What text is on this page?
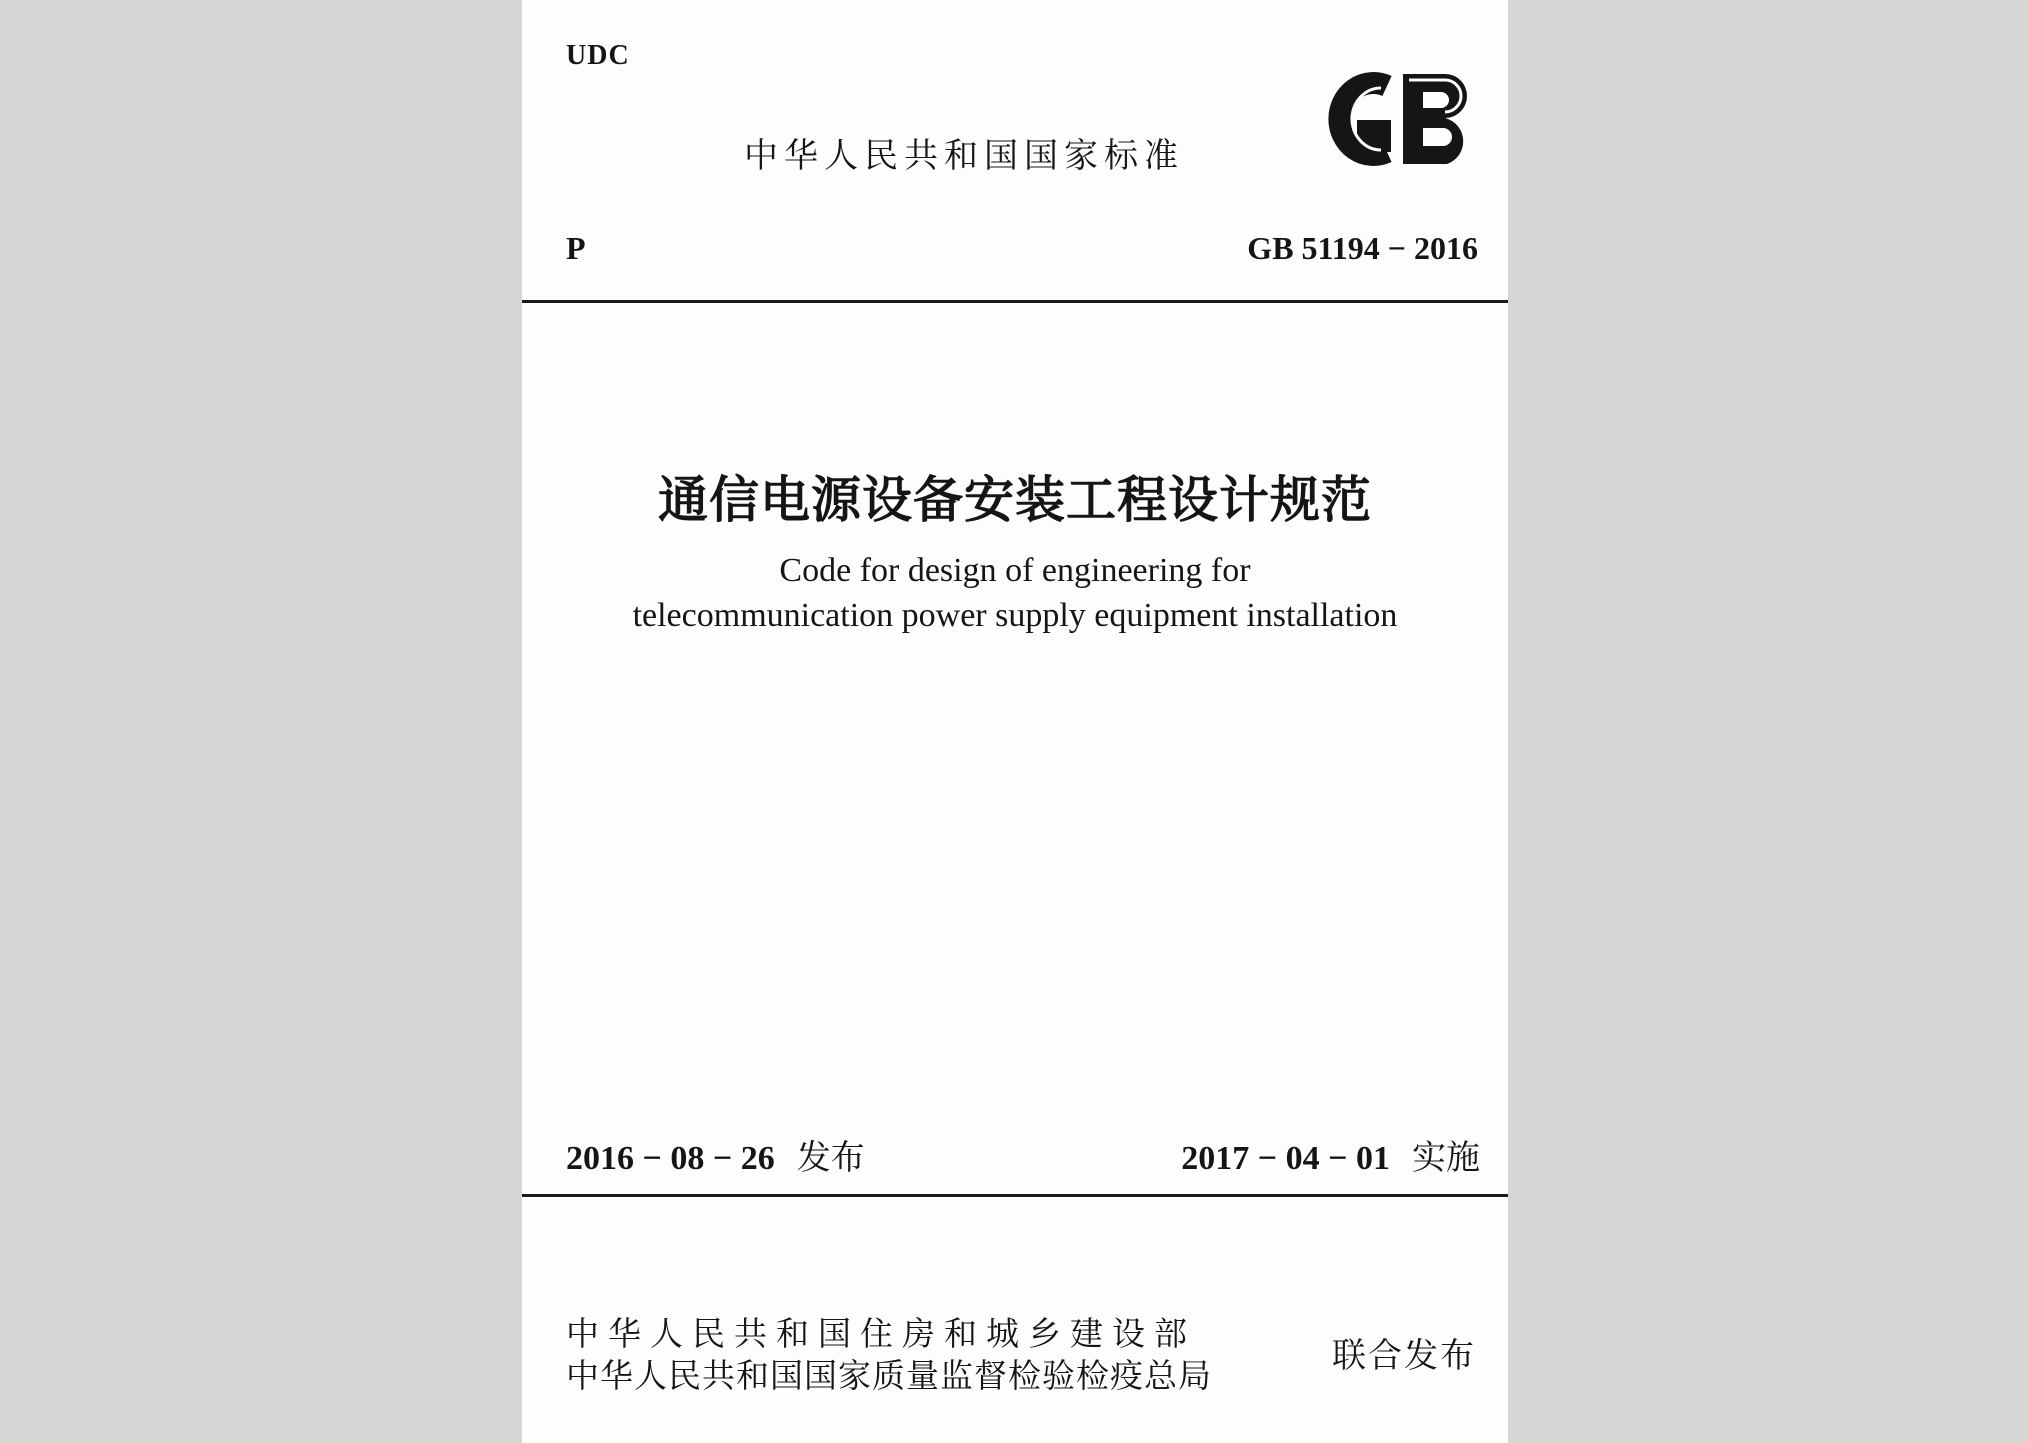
UDC
中华人民共和国国家标准
P	GB 51194 − 2016
通信电源设备安装工程设计规范
Code for design of engineering for
telecommunication power supply equipment installation
2016 − 08 − 26 发布	2017 − 04 − 01 实施
中华人民共和国住房和城乡建设部
中华人民共和国国家质量监督检验检疫总局	联合发布
